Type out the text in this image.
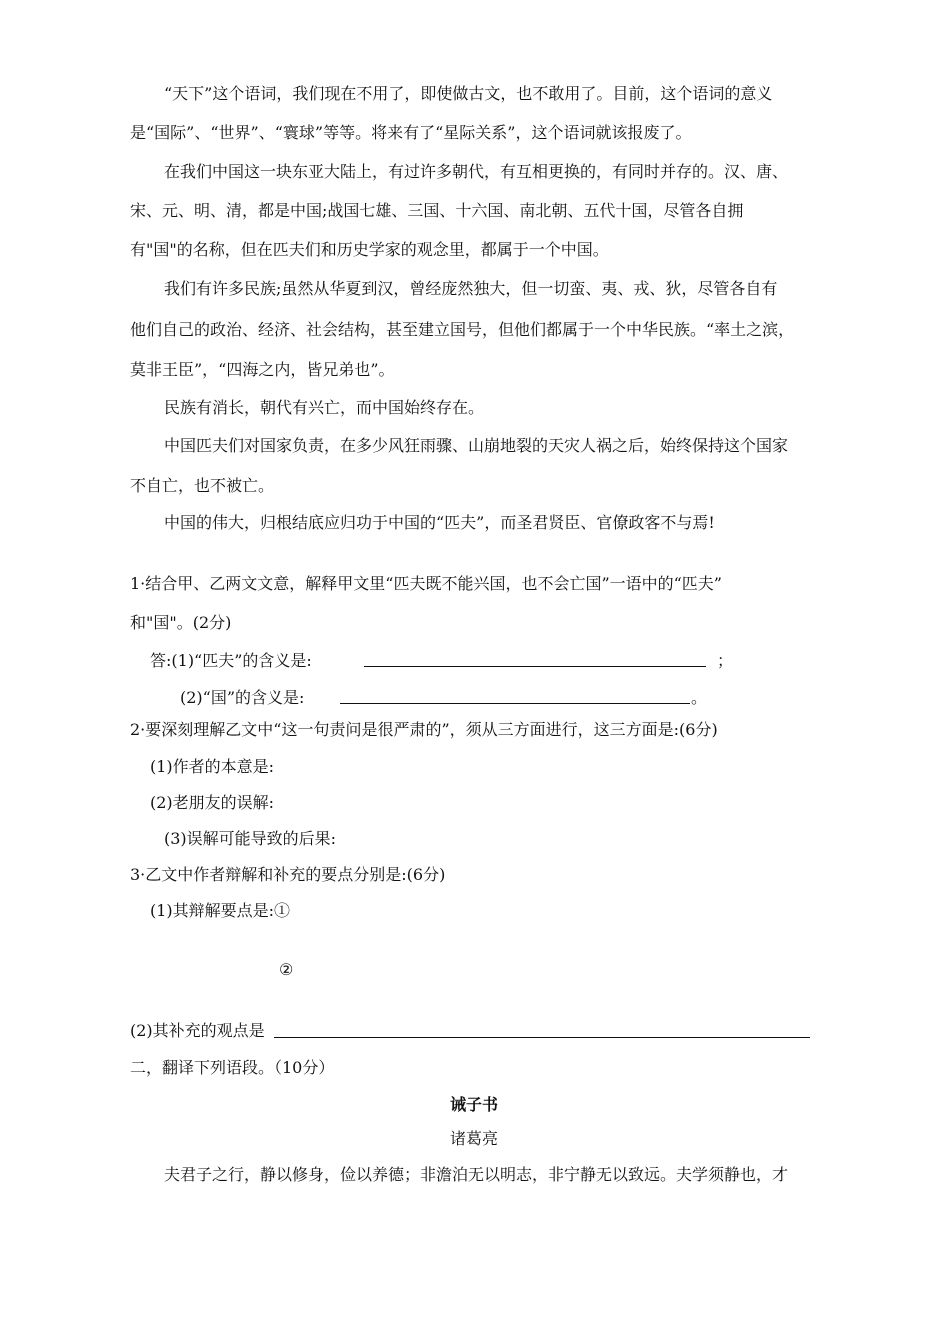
“天下”这个语词，我们现在不用了，即使做古文，也不敢用了。目前，这个语词的意义
是“国际”、“世界”、“寰球”等等。将来有了“星际关系”，这个语词就该报废了。
在我们中国这一块东亚大陆上，有过许多朝代，有互相更换的，有同时并存的。汉、唐、
宋、元、明、清，都是中国;战国七雄、三国、十六国、南北朝、五代十国，尽管各自拥
有"国"的名称，但在匹夫们和历史学家的观念里，都属于一个中国。
我们有许多民族;虽然从华夏到汉，曾经庞然独大，但一切蛮、夷、戎、狄，尽管各自有
他们自己的政治、经济、社会结构，甚至建立国号，但他们都属于一个中华民族。“率土之滨，
莫非王臣”，“四海之内，皆兄弟也”。
民族有消长，朝代有兴亡，而中国始终存在。
中国匹夫们对国家负责，在多少风狂雨骤、山崩地裂的天灾人祸之后，始终保持这个国家
不自亡，也不被亡。
中国的伟大，归根结底应归功于中国的“匹夫”，而圣君贤臣、官僚政客不与焉!
1·结合甲、乙两文文意，解释甲文里“匹夫既不能兴国，也不会亡国”一语中的“匹夫”
和"国"。(2分)
答:(1)“匹夫”的含义是:	；
(2)“国”的含义是:	。
2·要深刻理解乙文中“这一句责问是很严肃的”，须从三方面进行，这三方面是:(6分)
(1)作者的本意是:
(2)老朋友的误解:
(3)误解可能导致的后果:
3·乙文中作者辩解和补充的要点分别是:(6分)
(1)其辩解要点是:①
②
(2)其补充的观点是
二，翻译下列语段。（10分）
诫子书
诸葛亮
夫君子之行，静以修身，俭以养德；非澹泊无以明志，非宁静无以致远。夫学须静也，才
